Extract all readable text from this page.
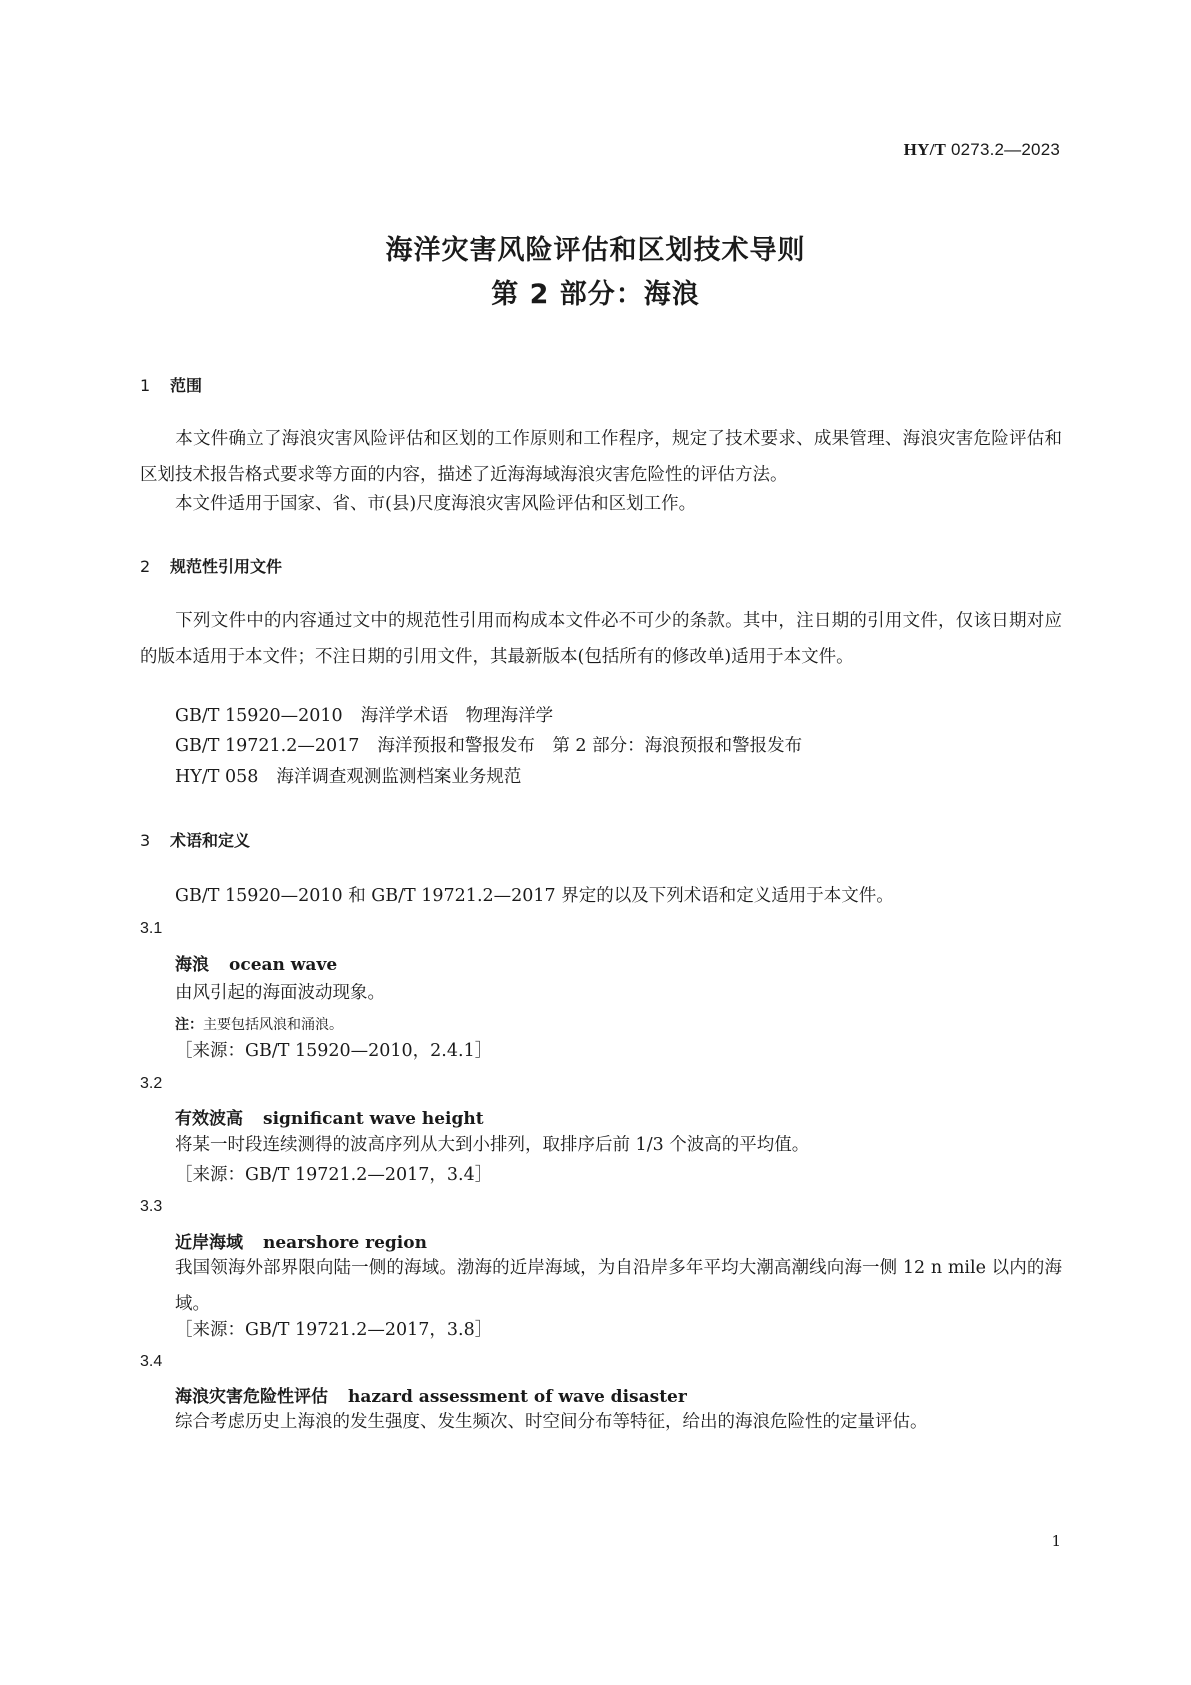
HY/T 0273.2—2023
海洋灾害风险评估和区划技术导则
第 2 部分：海浪
1 范围
本文件确立了海浪灾害风险评估和区划的工作原则和工作程序，规定了技术要求、成果管理、海浪灾害危险评估和区划技术报告格式要求等方面的内容，描述了近海海域海浪灾害危险性的评估方法。
本文件适用于国家、省、市(县)尺度海浪灾害风险评估和区划工作。
2 规范性引用文件
下列文件中的内容通过文中的规范性引用而构成本文件必不可少的条款。其中，注日期的引用文件，仅该日期对应的版本适用于本文件；不注日期的引用文件，其最新版本(包括所有的修改单)适用于本文件。
GB/T 15920—2010 海洋学术语　物理海洋学
GB/T 19721.2—2017 海洋预报和警报发布　第 2 部分：海浪预报和警报发布
HY/T 058 海洋调查观测监测档案业务规范
3 术语和定义
GB/T 15920—2010 和 GB/T 19721.2—2017 界定的以及下列术语和定义适用于本文件。
3.1
海浪 ocean wave
由风引起的海面波动现象。
注：主要包括风浪和涌浪。
［来源：GB/T 15920—2010，2.4.1］
3.2
有效波高 significant wave height
将某一时段连续测得的波高序列从大到小排列，取排序后前 1/3 个波高的平均值。
［来源：GB/T 19721.2—2017，3.4］
3.3
近岸海域 nearshore region
我国领海外部界限向陆一侧的海域。渤海的近岸海域，为自沿岸多年平均大潮高潮线向海一侧 12 n mile 以内的海域。
［来源：GB/T 19721.2—2017，3.8］
3.4
海浪灾害危险性评估 hazard assessment of wave disaster
综合考虑历史上海浪的发生强度、发生频次、时空间分布等特征，给出的海浪危险性的定量评估。
1
